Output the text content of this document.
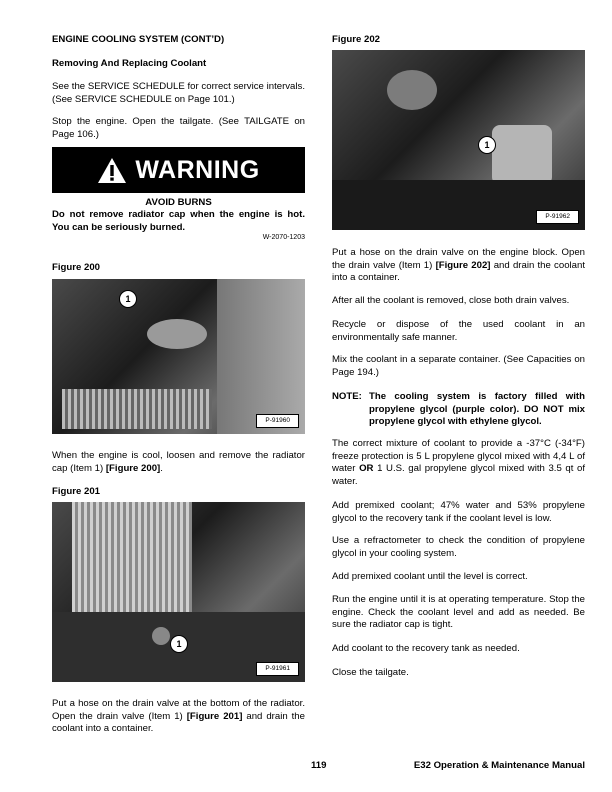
ENGINE COOLING SYSTEM (CONT’D)
Removing And Replacing Coolant
See the SERVICE SCHEDULE for correct service intervals. (See SERVICE SCHEDULE on Page 101.)
Stop the engine. Open the tailgate. (See TAILGATE on Page 106.)
WARNING
AVOID BURNS
Do not remove radiator cap when the engine is hot. You can be seriously burned.
W-2070-1203
Figure 200
1
P-91960
When the engine is cool, loosen and remove the radiator cap (Item 1) [Figure 200].
Figure 201
1
P-91961
Put a hose on the drain valve at the bottom of the radiator. Open the drain valve (Item 1) [Figure 201] and drain the coolant into a container.
Figure 202
1
P-91962
Put a hose on the drain valve on the engine block. Open the drain valve (Item 1) [Figure 202] and drain the coolant into a container.
After all the coolant is removed, close both drain valves.
Recycle or dispose of the used coolant in an environmentally safe manner.
Mix the coolant in a separate container. (See Capacities on Page 194.)
NOTE: The cooling system is factory filled with propylene glycol (purple color). DO NOT mix propylene glycol with ethylene glycol.
The correct mixture of coolant to provide a -37°C (-34°F) freeze protection is 5 L propylene glycol mixed with 4,4 L of water OR 1 U.S. gal propylene glycol mixed with 3.5 qt of water.
Add premixed coolant; 47% water and 53% propylene glycol to the recovery tank if the coolant level is low.
Use a refractometer to check the condition of propylene glycol in your cooling system.
Add premixed coolant until the level is correct.
Run the engine until it is at operating temperature. Stop the engine. Check the coolant level and add as needed. Be sure the radiator cap is tight.
Add coolant to the recovery tank as needed.
Close the tailgate.
119	E32 Operation & Maintenance Manual
